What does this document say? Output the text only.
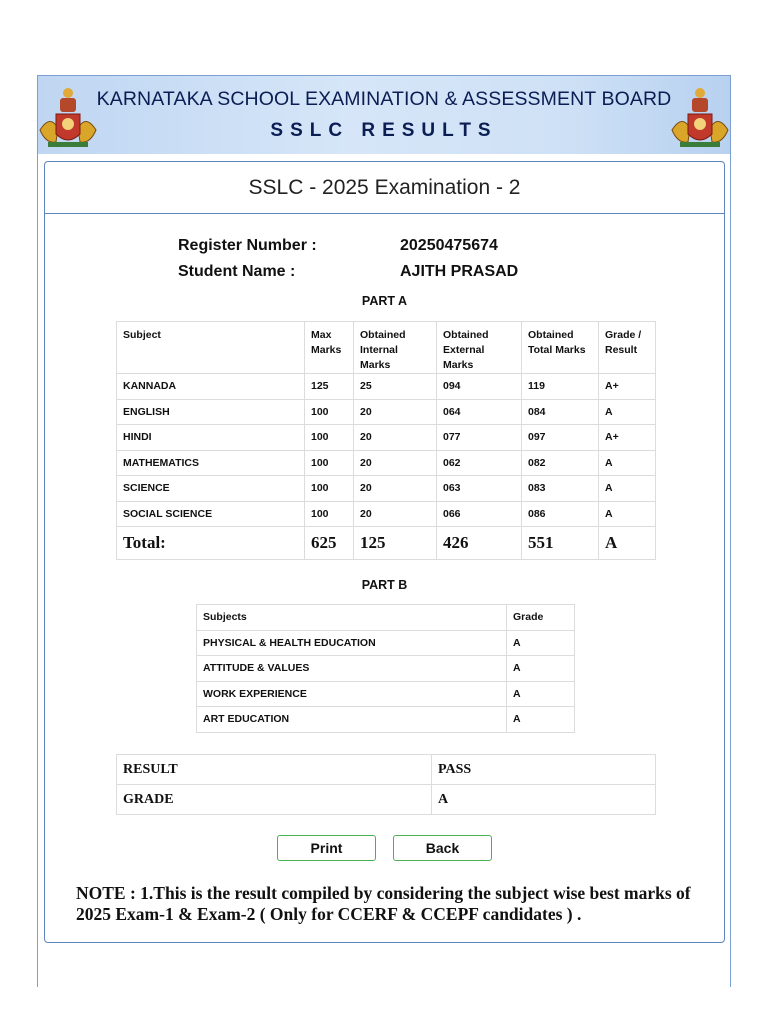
KARNATAKA SCHOOL EXAMINATION & ASSESSMENT BOARD
SSLC RESULTS
SSLC - 2025 Examination - 2
Register Number :	20250475674
Student Name :	AJITH PRASAD
PART A
Subject	Max Marks	Obtained Internal Marks	Obtained External Marks	Obtained Total Marks	Grade / Result
KANNADA	125	25	094	119	A+
ENGLISH	100	20	064	084	A
HINDI	100	20	077	097	A+
MATHEMATICS	100	20	062	082	A
SCIENCE	100	20	063	083	A
SOCIAL SCIENCE	100	20	066	086	A
Total:	625	125	426	551	A
PART B
Subjects	Grade
PHYSICAL & HEALTH EDUCATION	A
ATTITUDE & VALUES	A
WORK EXPERIENCE	A
ART EDUCATION	A
RESULT	PASS
GRADE	A
Print	Back
NOTE : 1.This is the result compiled by considering the subject wise best marks of 2025 Exam-1 & Exam-2 ( Only for CCERF & CCEPF candidates ) .
